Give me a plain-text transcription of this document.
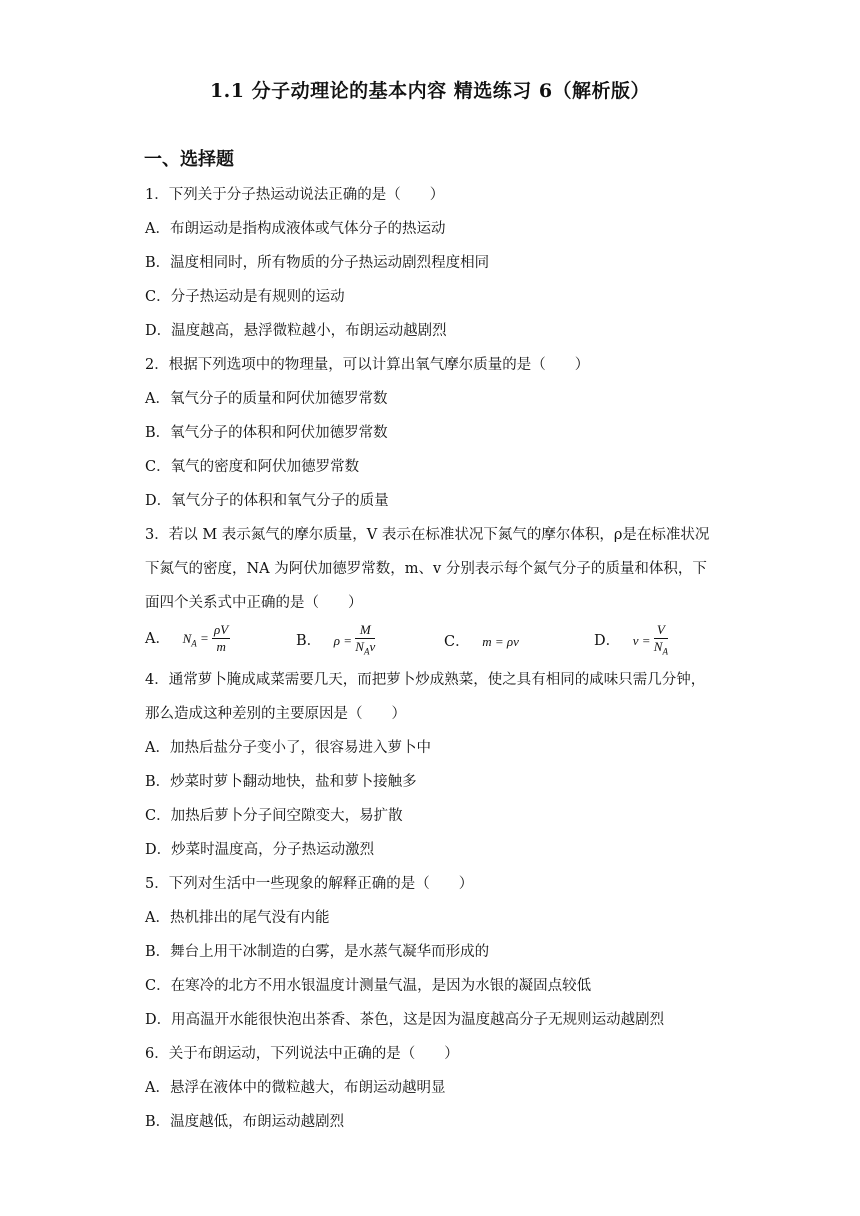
1.1 分子动理论的基本内容 精选练习 6（解析版）
一、选择题
1．下列关于分子热运动说法正确的是（　　）
A．布朗运动是指构成液体或气体分子的热运动
B．温度相同时，所有物质的分子热运动剧烈程度相同
C．分子热运动是有规则的运动
D．温度越高，悬浮微粒越小，布朗运动越剧烈
2．根据下列选项中的物理量，可以计算出氧气摩尔质量的是（　　）
A．氧气分子的质量和阿伏加德罗常数
B．氧气分子的体积和阿伏加德罗常数
C．氧气的密度和阿伏加德罗常数
D．氧气分子的体积和氧气分子的质量
3．若以 M 表示氮气的摩尔质量，V 表示在标准状况下氮气的摩尔体积，ρ是在标准状况
下氮气的密度，NA 为阿伏加德罗常数，m、v 分别表示每个氮气分子的质量和体积，下
面四个关系式中正确的是（　　）
A． $N_A = \frac{\rho V}{m}$	B． $\rho = \frac{M}{N_Av}$	C． m = ρv	D． $v = \frac{V}{N_A}$
4．通常萝卜腌成咸菜需要几天，而把萝卜炒成熟菜，使之具有相同的咸味只需几分钟，
那么造成这种差别的主要原因是（　　）
A．加热后盐分子变小了，很容易进入萝卜中
B．炒菜时萝卜翻动地快，盐和萝卜接触多
C．加热后萝卜分子间空隙变大，易扩散
D．炒菜时温度高，分子热运动激烈
5．下列对生活中一些现象的解释正确的是（　　）
A．热机排出的尾气没有内能
B．舞台上用干冰制造的白雾，是水蒸气凝华而形成的
C．在寒冷的北方不用水银温度计测量气温，是因为水银的凝固点较低
D．用高温开水能很快泡出茶香、茶色，这是因为温度越高分子无规则运动越剧烈
6．关于布朗运动，下列说法中正确的是（　　）
A．悬浮在液体中的微粒越大，布朗运动越明显
B．温度越低，布朗运动越剧烈
